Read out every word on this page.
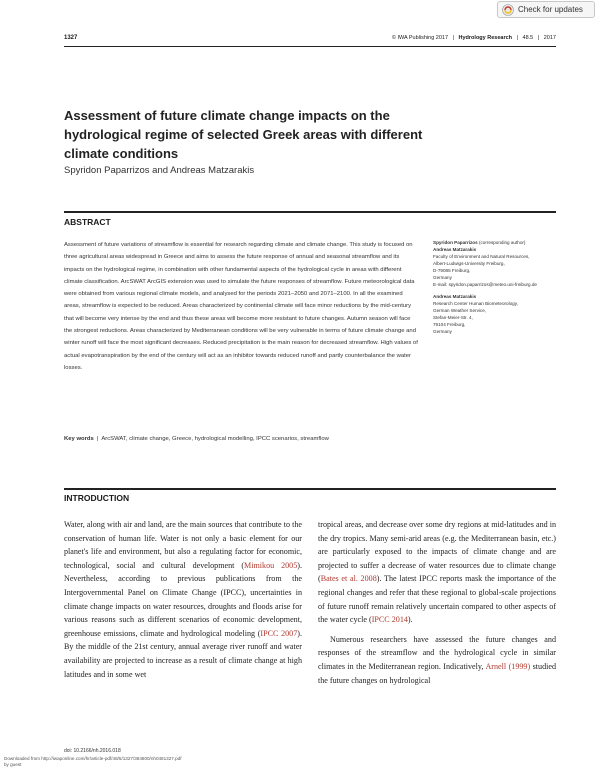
Check for updates
1327	© IWA Publishing 2017 | Hydrology Research | 48.5 | 2017
Assessment of future climate change impacts on the hydrological regime of selected Greek areas with different climate conditions
Spyridon Paparrizos and Andreas Matzarakis
ABSTRACT

Assessment of future variations of streamflow is essential for research regarding climate and climate change. This study is focused on three agricultural areas widespread in Greece and aims to assess the future response of annual and seasonal streamflow and its impacts on the hydrological regime, in combination with other fundamental aspects of the hydrological cycle in areas with different climate classification. ArcSWAT ArcGIS extension was used to simulate the future responses of streamflow. Future meteorological data were obtained from various regional climate models, and analysed for the periods 2021–2050 and 2071–2100. In all the examined areas, streamflow is expected to be reduced. Areas characterized by continental climate will face minor reductions by the mid-century that will become very intense by the end and thus these areas will become more resistant to future changes. Autumn season will face the strongest reductions. Areas characterized by Mediterranean conditions will be very vulnerable in terms of future climate change and winter runoff will face the most significant decreases. Reduced precipitation is the main reason for decreased streamflow. High values of actual evapotranspiration by the end of the century will act as an inhibitor towards reduced runoff and partly counterbalance the water losses.

Key words | ArcSWAT, climate change, Greece, hydrological modelling, IPCC scenarios, streamflow
Spyridon Paparrizos (corresponding author)
Andreas Matzarakis
Faculty of Environment and Natural Resources,
Albert-Ludwigs-University Freiburg,
D-79085 Freiburg,
Germany
E-mail: spyridon.paparrizos@meteo.uni-freiburg.de
Andreas Matzarakis
Research Center Human Biometeorology,
German Weather Service,
Stefan-Meier-Str. 4,
79104 Freiburg,
Germany
INTRODUCTION

Water, along with air and land, are the main sources that contribute to the conservation of human life. Water is not only a basic element for our planet's life and environment, but also a regulating factor for economic, technological, social and cultural development (Mimikou 2005). Nevertheless, according to previous publications from the Intergovernmental Panel on Climate Change (IPCC), uncertainties in climate change impacts on water resources, droughts and floods arise for various reasons such as different scenarios of economic development, greenhouse emissions, climate and hydrological modeling (IPCC 2007). By the middle of the 21st century, annual average river runoff and water availability are projected to increase as a result of climate change at high latitudes and in some wet

tropical areas, and decrease over some dry regions at mid-latitudes and in the dry tropics. Many semi-arid areas (e.g. the Mediterranean basin, etc.) are particularly exposed to the impacts of climate change and are projected to suffer a decrease of water resources due to climate change (Bates et al. 2008). The latest IPCC reports mask the importance of the regional changes and refer that these regional to global-scale projections of future runoff remain relatively uncertain compared to other aspects of the water cycle (IPCC 2014).
Numerous researchers have assessed the future changes and responses of the streamflow and the hydrological cycle in similar climates in the Mediterranean region. Indicatively, Arnell (1999) studied the future changes on hydrological

doi: 10.2166/nh.2016.018
Downloaded from http://iwaponline.com/hr/article-pdf/48/5/1327/364800/nh0481327.pdf
by guest
